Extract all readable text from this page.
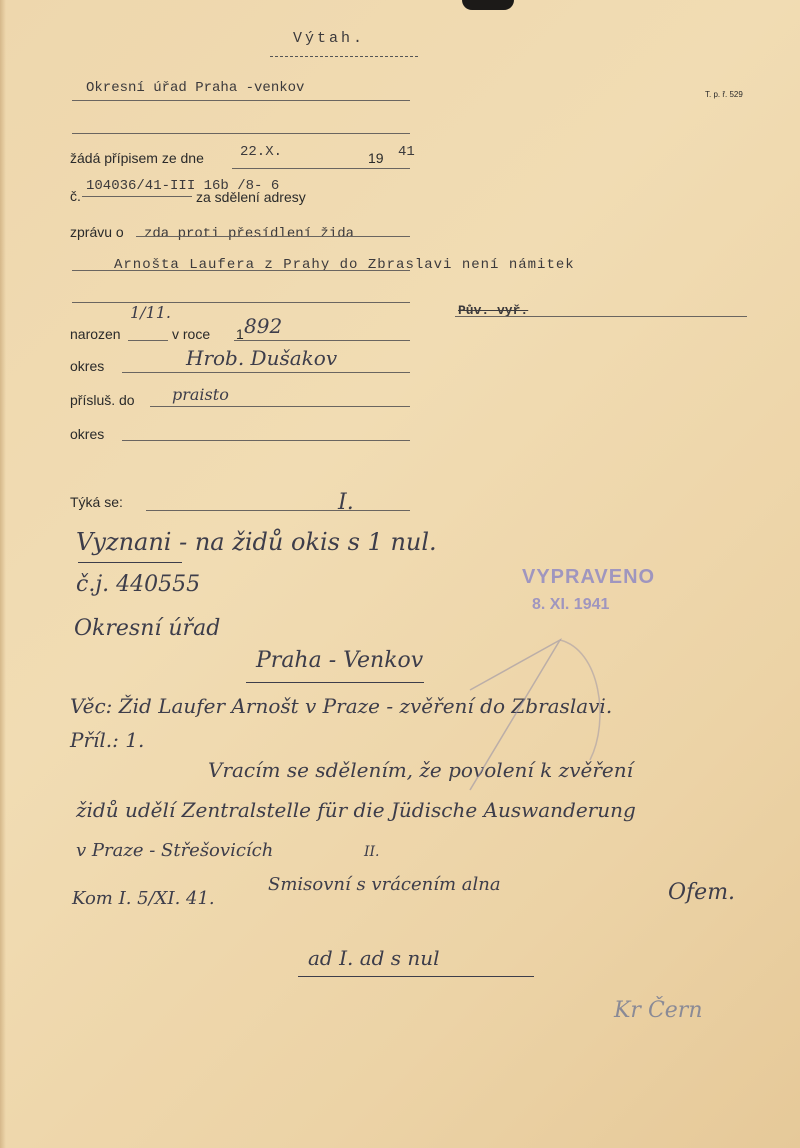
Výtah.
Okresní úřad Praha -venkov	T. p. ř. 529
žádá přípisem ze dne	22.X.	19 41
č.
104036/41-III 16b /8- 6
za sdělení adresy
zprávu o zda proti přesídlení žida
Arnošta Laufera z Prahy do Zbraslavi není námitek
Pův. vyř.
narozen
1/11.
v roce 1 892
okres	Hrob. Dušakov
přísluš. do praisto
okres
Týká se:	I.
Vyznani - na židů okis s 1 nul.
č.j. 440555
Okresní úřad
Praha - Venkov
Věc: Žid Laufer Arnošt v Praze - zvěření do Zbraslavi.
Příl.: 1.
Vracím se sdělením, že povolení k zvěření
židů udělí Zentralstelle für die Jüdische Auswanderung
v Praze - Střešovicích	II.
Smisovní s vrácením alna	Ofem.
Kom I. 5/XI. 41.
ad I. ad s nul
Kr Čern
VYPRAVENO
8. XI. 1941
